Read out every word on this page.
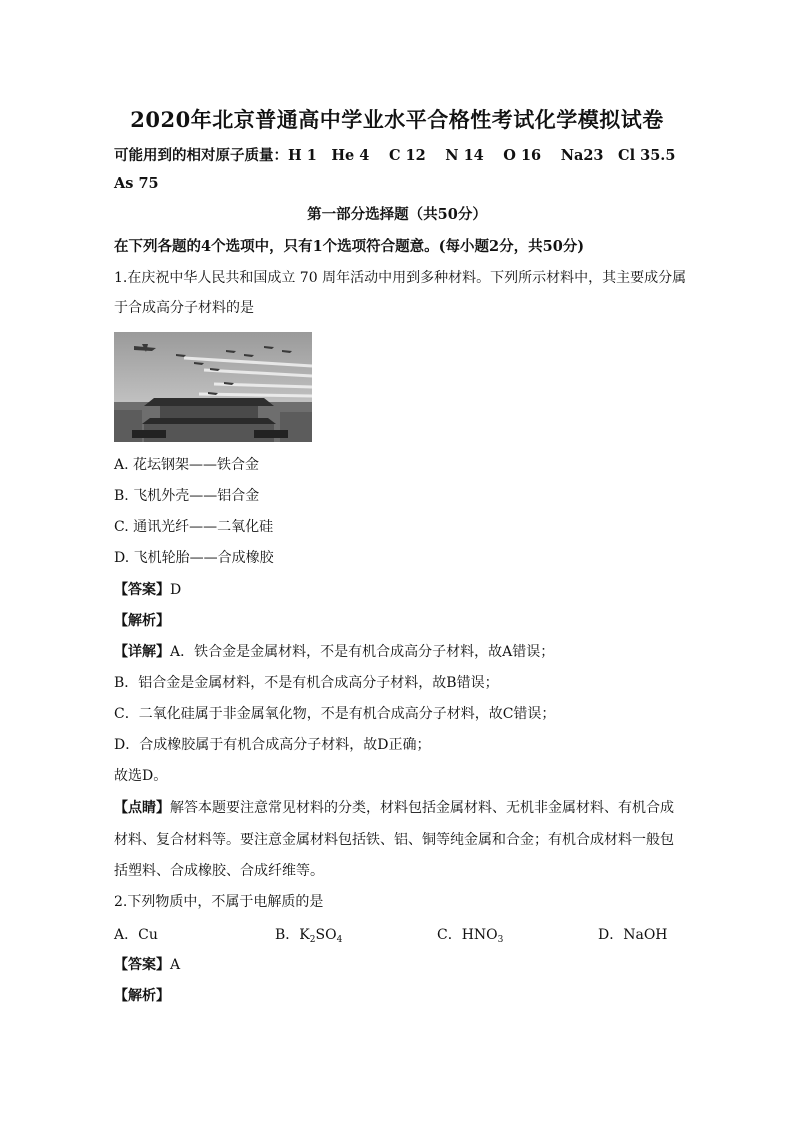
2020年北京普通高中学业水平合格性考试化学模拟试卷
可能用到的相对原子质量：H 1　He 4　 C 12　 N 14　 O 16　 Na23　Cl 35.5
As 75
第一部分选择题（共50分）
在下列各题的4个选项中，只有1个选项符合题意。(每小题2分，共50分)
1.在庆祝中华人民共和国成立 70 周年活动中用到多种材料。下列所示材料中，其主要成分属
于合成高分子材料的是
A. 花坛钢架——铁合金
B. 飞机外壳——铝合金
C. 通讯光纤——二氧化硅
D. 飞机轮胎——合成橡胶
【答案】D
【解析】
【详解】A．铁合金是金属材料，不是有机合成高分子材料，故A错误；
B．铝合金是金属材料，不是有机合成高分子材料，故B错误；
C．二氧化硅属于非金属氧化物，不是有机合成高分子材料，故C错误；
D．合成橡胶属于有机合成高分子材料，故D正确；
故选D。
【点睛】解答本题要注意常见材料的分类，材料包括金属材料、无机非金属材料、有机合成
材料、复合材料等。要注意金属材料包括铁、铝、铜等纯金属和合金；有机合成材料一般包
括塑料、合成橡胶、合成纤维等。
2.下列物质中，不属于电解质的是
A．Cu	B．$K_2SO_4$	C．$HNO_3$	D．NaOH
【答案】A
【解析】
